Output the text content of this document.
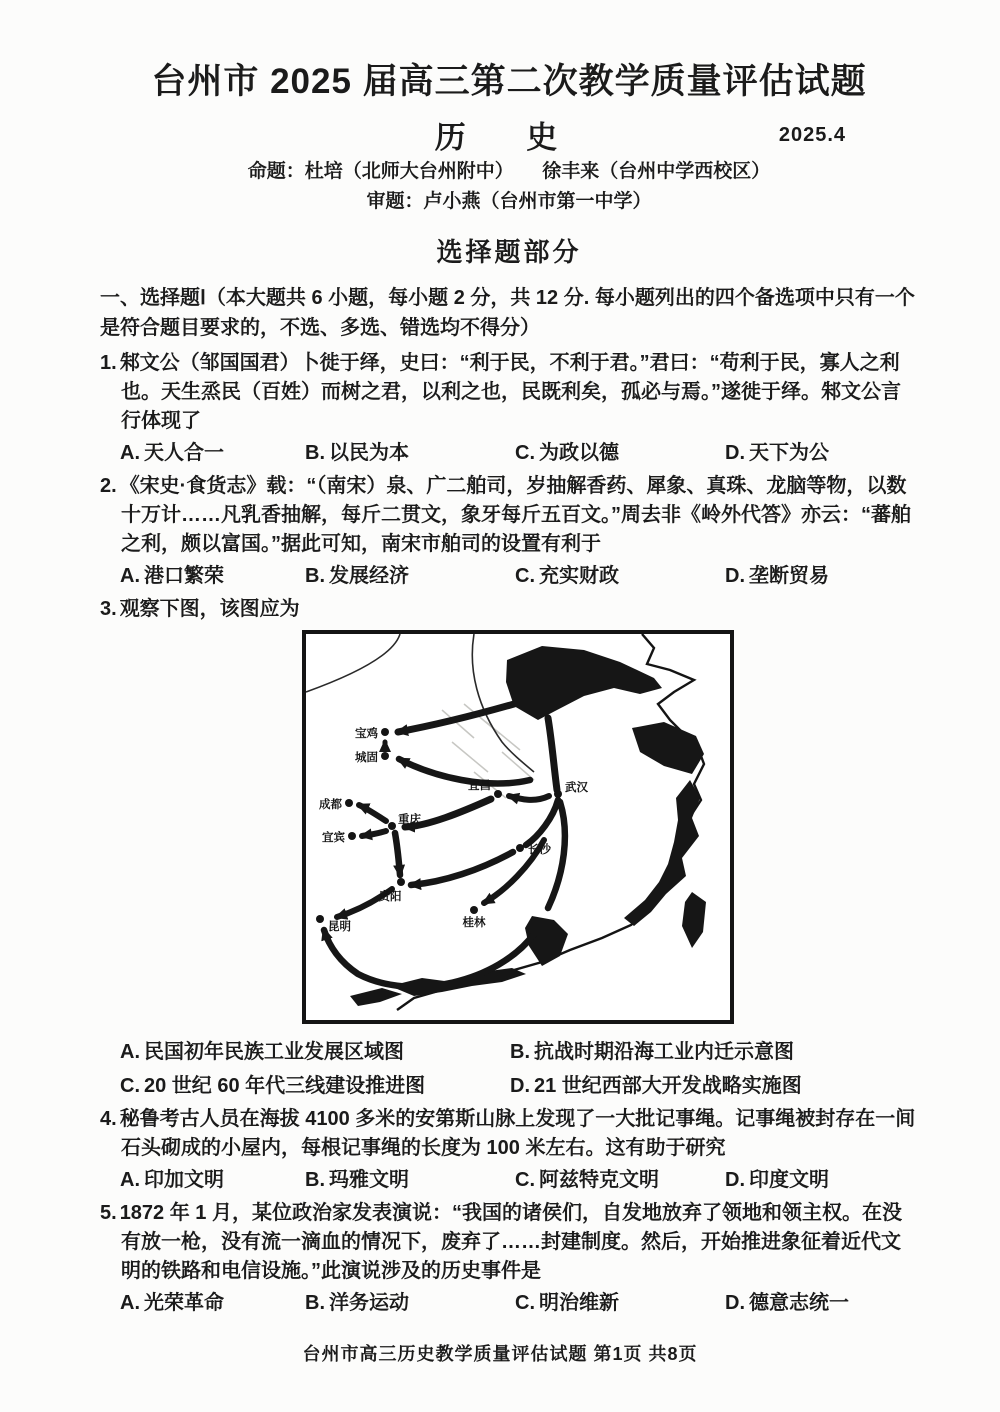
台州市 2025 届高三第二次教学质量评估试题
历 史	2025.4

命题：杜培（北师大台州附中）　　徐丰来（台州中学西校区）

审题：卢小燕（台州市第一中学）

选择题部分

一、选择题Ⅰ（本大题共 6 小题，每小题 2 分，共 12 分. 每小题列出的四个备选项中只有一个是符合题目要求的，不选、多选、错选均不得分）

1. 邾文公（邹国国君）卜徙于绎，史曰：“利于民，不利于君。”君曰：“苟利于民，寡人之利也。天生烝民（百姓）而树之君，以利之也，民既利矣，孤必与焉。”遂徙于绎。邾文公言行体现了

A. 天人合一	B. 以民为本	C. 为政以德	D. 天下为公

2. 《宋史·食货志》载：“（南宋）泉、广二舶司，岁抽解香药、犀象、真珠、龙脑等物，以数十万计……凡乳香抽解，每斤二贯文，象牙每斤五百文。”周去非《岭外代答》亦云：“蕃舶之利，颇以富国。”据此可知，南宋市舶司的设置有利于

A. 港口繁荣	B. 发展经济	C. 充实财政	D. 垄断贸易

3. 观察下图，该图应为

宝鸡
城固
成都
宜宾
重庆
宜昌	武汉
长沙
贵阳
桂林
昆明
A. 民国初年民族工业发展区域图	B. 抗战时期沿海工业内迁示意图
C. 20 世纪 60 年代三线建设推进图	D. 21 世纪西部大开发战略实施图

4. 秘鲁考古人员在海拔 4100 多米的安第斯山脉上发现了一大批记事绳。记事绳被封存在一间石头砌成的小屋内，每根记事绳的长度为 100 米左右。这有助于研究

A. 印加文明	B. 玛雅文明	C. 阿兹特克文明	D. 印度文明

5. 1872 年 1 月，某位政治家发表演说：“我国的诸侯们，自发地放弃了领地和领主权。在没有放一枪，没有流一滴血的情况下，废弃了……封建制度。然后，开始推进象征着近代文明的铁路和电信设施。”此演说涉及的历史事件是

A. 光荣革命	B. 洋务运动	C. 明治维新	D. 德意志统一
台州市高三历史教学质量评估试题 第1页 共8页
